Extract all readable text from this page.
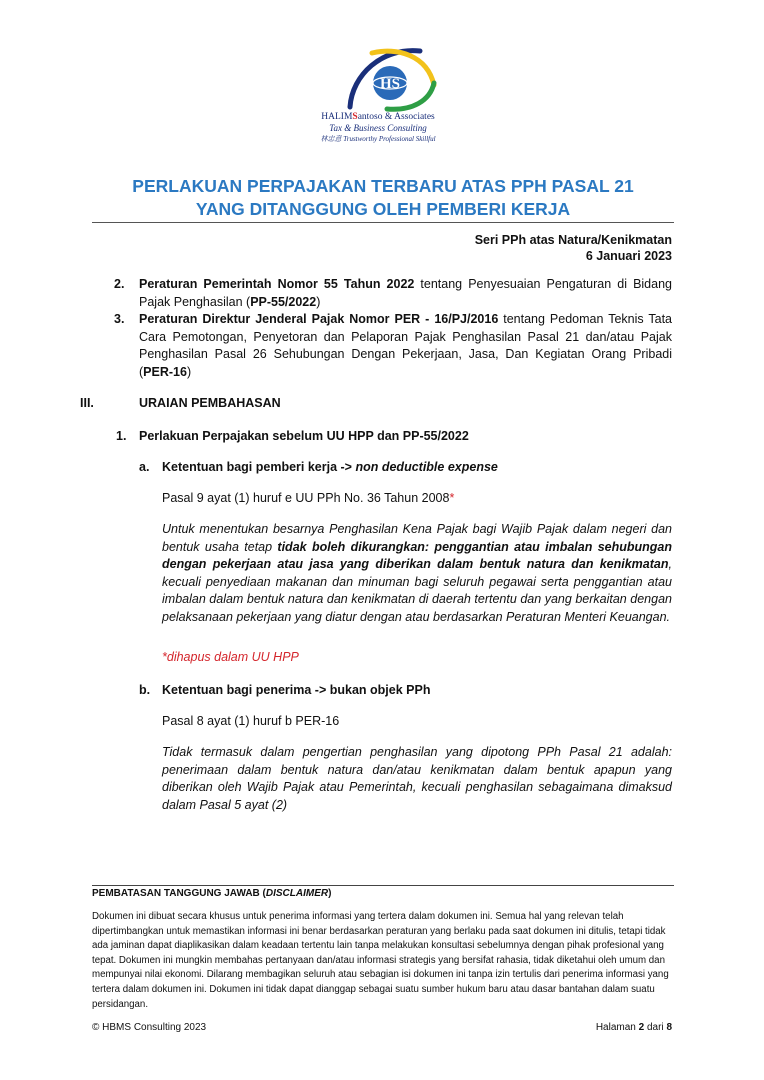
HS
HALIMSantoso & Associates
Tax & Business Consulting
林忠意 Trustworthy Professional Skillful
PERLAKUAN PERPAJAKAN TERBARU ATAS PPH PASAL 21
YANG DITANGGUNG OLEH PEMBERI KERJA
Seri PPh atas Natura/Kenikmatan
6 Januari 2023
2. Peraturan Pemerintah Nomor 55 Tahun 2022 tentang Penyesuaian Pengaturan di Bidang Pajak Penghasilan (PP-55/2022)
3. Peraturan Direktur Jenderal Pajak Nomor PER - 16/PJ/2016 tentang Pedoman Teknis Tata Cara Pemotongan, Penyetoran dan Pelaporan Pajak Penghasilan Pasal 21 dan/atau Pajak Penghasilan Pasal 26 Sehubungan Dengan Pekerjaan, Jasa, Dan Kegiatan Orang Pribadi (PER-16)
III.	URAIAN PEMBAHASAN
1. Perlakuan Perpajakan sebelum UU HPP dan PP-55/2022
a. Ketentuan bagi pemberi kerja -> non deductible expense
Pasal 9 ayat (1) huruf e UU PPh No. 36 Tahun 2008*
Untuk menentukan besarnya Penghasilan Kena Pajak bagi Wajib Pajak dalam negeri dan bentuk usaha tetap tidak boleh dikurangkan: penggantian atau imbalan sehubungan dengan pekerjaan atau jasa yang diberikan dalam bentuk natura dan kenikmatan, kecuali penyediaan makanan dan minuman bagi seluruh pegawai serta penggantian atau imbalan dalam bentuk natura dan kenikmatan di daerah tertentu dan yang berkaitan dengan pelaksanaan pekerjaan yang diatur dengan atau berdasarkan Peraturan Menteri Keuangan.
*dihapus dalam UU HPP
b. Ketentuan bagi penerima -> bukan objek PPh
Pasal 8 ayat (1) huruf b PER-16
Tidak termasuk dalam pengertian penghasilan yang dipotong PPh Pasal 21 adalah: penerimaan dalam bentuk natura dan/atau kenikmatan dalam bentuk apapun yang diberikan oleh Wajib Pajak atau Pemerintah, kecuali penghasilan sebagaimana dimaksud dalam Pasal 5 ayat (2)
PEMBATASAN TANGGUNG JAWAB (DISCLAIMER)
Dokumen ini dibuat secara khusus untuk penerima informasi yang tertera dalam dokumen ini. Semua hal yang relevan telah dipertimbangkan untuk memastikan informasi ini benar berdasarkan peraturan yang berlaku pada saat dokumen ini ditulis, tetapi tidak ada jaminan dapat diaplikasikan dalam keadaan tertentu lain tanpa melakukan konsultasi sebelumnya dengan pihak profesional yang tepat. Dokumen ini mungkin membahas pertanyaan dan/atau informasi strategis yang bersifat rahasia, tidak diketahui oleh umum dan mempunyai nilai ekonomi. Dilarang membagikan seluruh atau sebagian isi dokumen ini tanpa izin tertulis dari penerima informasi yang tertera dalam dokumen ini. Dokumen ini tidak dapat dianggap sebagai suatu sumber hukum baru atau dasar bantahan dalam suatu persidangan.
© HBMS Consulting 2023	Halaman 2 dari 8
